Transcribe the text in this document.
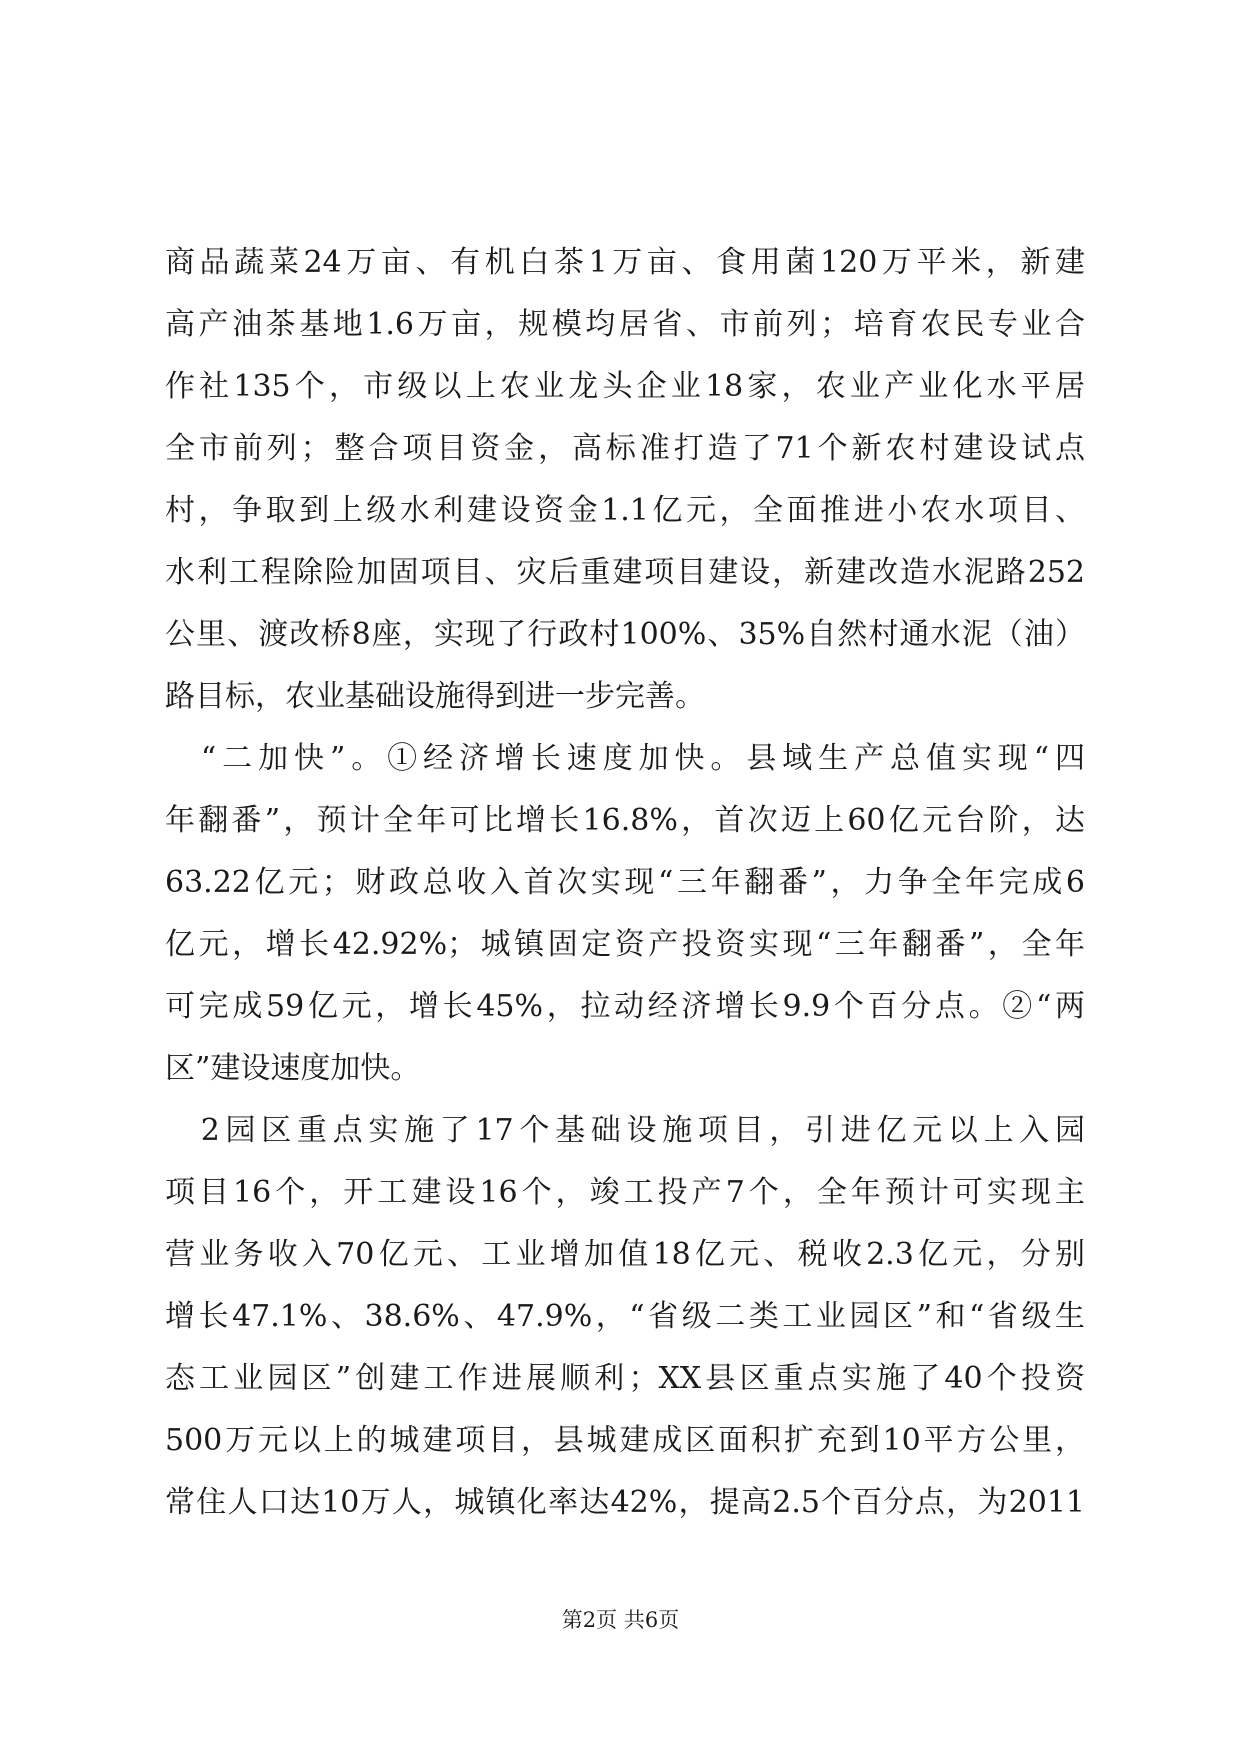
商品蔬菜24万亩、有机白茶1万亩、食用菌120万平米，新建
高产油茶基地1.6万亩，规模均居省、市前列；培育农民专业合
作社135个，市级以上农业龙头企业18家，农业产业化水平居
全市前列；整合项目资金，高标准打造了71个新农村建设试点
村，争取到上级水利建设资金1.1亿元，全面推进小农水项目、
水利工程除险加固项目、灾后重建项目建设，新建改造水泥路252
公里、渡改桥8座，实现了行政村100%、35%自然村通水泥（油）
路目标，农业基础设施得到进一步完善。
　“二加快”。①经济增长速度加快。县域生产总值实现“四
年翻番”，预计全年可比增长16.8%，首次迈上60亿元台阶，达
63.22亿元；财政总收入首次实现“三年翻番”，力争全年完成6
亿元，增长42.92%；城镇固定资产投资实现“三年翻番”，全年
可完成59亿元，增长45%，拉动经济增长9.9个百分点。②“两
区”建设速度加快。
　2园区重点实施了17个基础设施项目，引进亿元以上入园
项目16个，开工建设16个，竣工投产7个，全年预计可实现主
营业务收入70亿元、工业增加值18亿元、税收2.3亿元，分别
增长47.1%、38.6%、47.9%，“省级二类工业园区”和“省级生
态工业园区”创建工作进展顺利；XX县区重点实施了40个投资
500万元以上的城建项目，县城建成区面积扩充到10平方公里，
常住人口达10万人，城镇化率达42%，提高2.5个百分点，为2011
第2页 共6页
